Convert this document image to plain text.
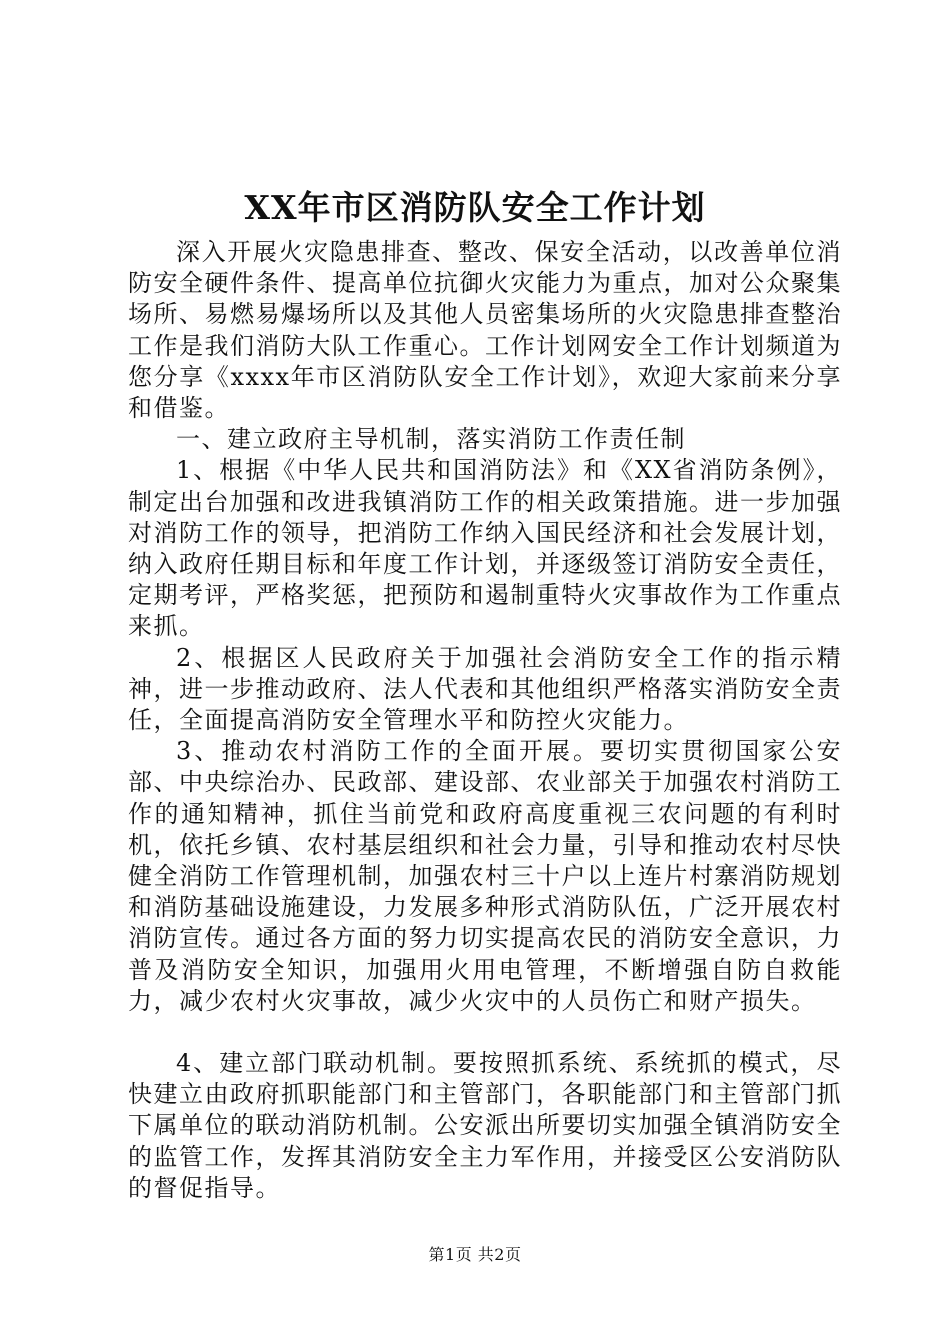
XX年市区消防队安全工作计划

深入开展火灾隐患排查、整改、保安全活动，以改善单位消防安全硬件条件、提高单位抗御火灾能力为重点，加对公众聚集场所、易燃易爆场所以及其他人员密集场所的火灾隐患排查整治工作是我们消防大队工作重心。工作计划网安全工作计划频道为您分享《xxxx年市区消防队安全工作计划》，欢迎大家前来分享和借鉴。

一、建立政府主导机制，落实消防工作责任制

1、根据《中华人民共和国消防法》和《XX省消防条例》，制定出台加强和改进我镇消防工作的相关政策措施。进一步加强对消防工作的领导，把消防工作纳入国民经济和社会发展计划，纳入政府任期目标和年度工作计划，并逐级签订消防安全责任，定期考评，严格奖惩，把预防和遏制重特火灾事故作为工作重点来抓。

2、根据区人民政府关于加强社会消防安全工作的指示精神，进一步推动政府、法人代表和其他组织严格落实消防安全责任，全面提高消防安全管理水平和防控火灾能力。

3、推动农村消防工作的全面开展。要切实贯彻国家公安部、中央综治办、民政部、建设部、农业部关于加强农村消防工作的通知精神，抓住当前党和政府高度重视三农问题的有利时机，依托乡镇、农村基层组织和社会力量，引导和推动农村尽快健全消防工作管理机制，加强农村三十户以上连片村寨消防规划和消防基础设施建设，力发展多种形式消防队伍，广泛开展农村消防宣传。通过各方面的努力切实提高农民的消防安全意识，力普及消防安全知识，加强用火用电管理，不断增强自防自救能力，减少农村火灾事故，减少火灾中的人员伤亡和财产损失。

4、建立部门联动机制。要按照抓系统、系统抓的模式，尽快建立由政府抓职能部门和主管部门，各职能部门和主管部门抓下属单位的联动消防机制。公安派出所要切实加强全镇消防安全的监管工作，发挥其消防安全主力军作用，并接受区公安消防队的督促指导。

第1页 共2页
